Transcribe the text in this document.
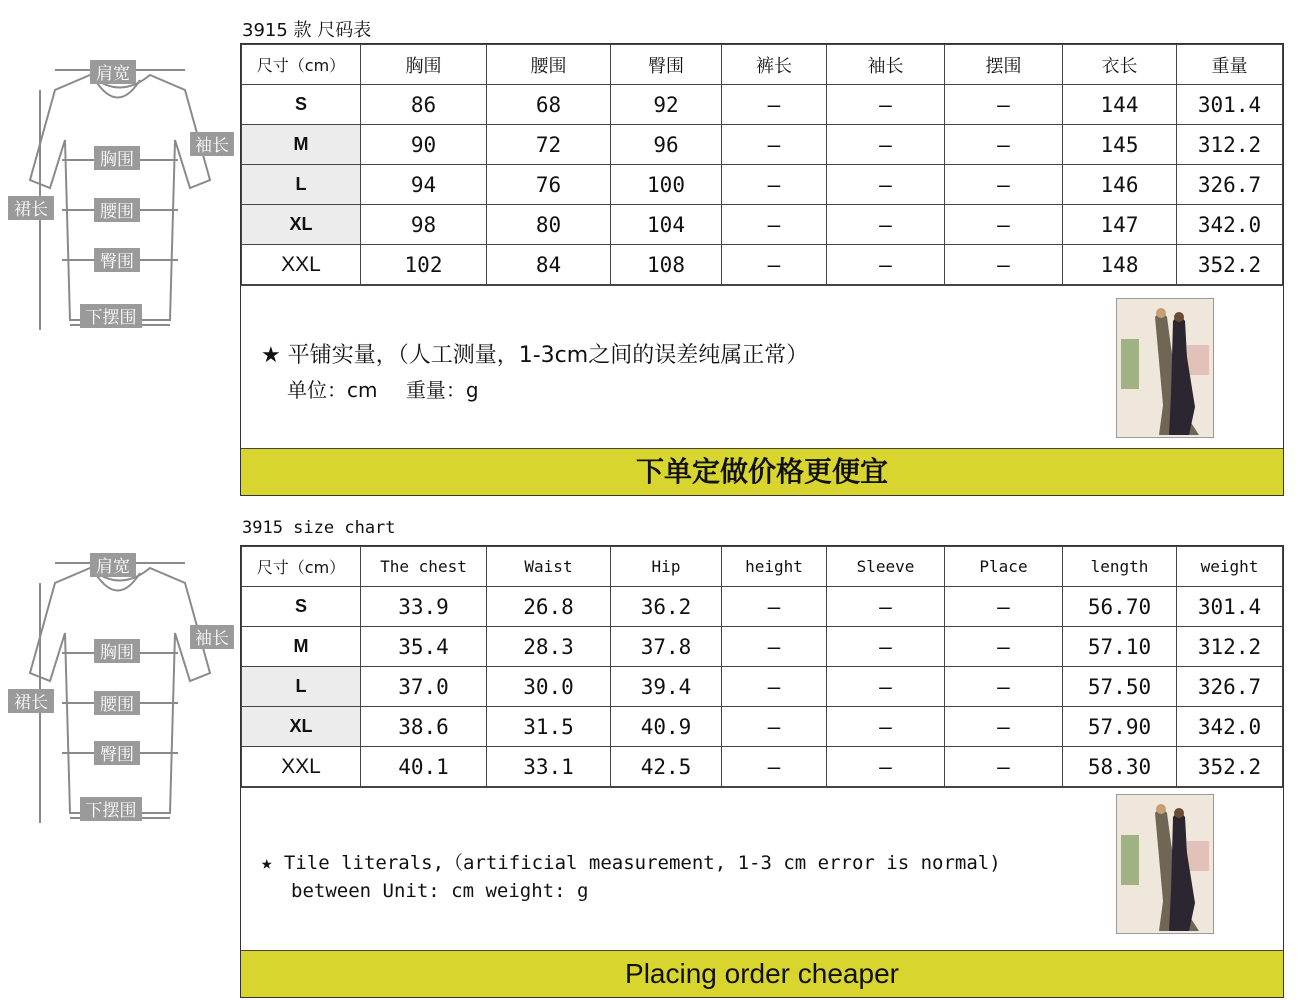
肩宽
袖长
胸围
裙长	腰围
臀围
下摆围
3915 款 尺码表
尺寸（cm）	胸围	腰围	臀围	裤长	袖长	摆围	衣长	重量
S	86	68	92	—	—	—	144	301.4
M	90	72	96	—	—	—	145	312.2
L	94	76	100	—	—	—	146	326.7
XL	98	80	104	—	—	—	147	342.0
XXL	102	84	108	—	—	—	148	352.2
★ 平铺实量，（人工测量，1-3cm之间的误差纯属正常）
单位：cm 重量：g
下单定做价格更便宜
肩宽
袖长
胸围
裙长	腰围
臀围
下摆围
3915 size chart
尺寸（cm）	The chest	Waist	Hip	height	Sleeve	Place	length	weight
S	33.9	26.8	36.2	—	—	—	56.70	301.4
M	35.4	28.3	37.8	—	—	—	57.10	312.2
L	37.0	30.0	39.4	—	—	—	57.50	326.7
XL	38.6	31.5	40.9	—	—	—	57.90	342.0
XXL	40.1	33.1	42.5	—	—	—	58.30	352.2
★ Tile literals,（artificial measurement, 1-3 cm error is normal)
between Unit: cm weight: g
Placing order cheaper
